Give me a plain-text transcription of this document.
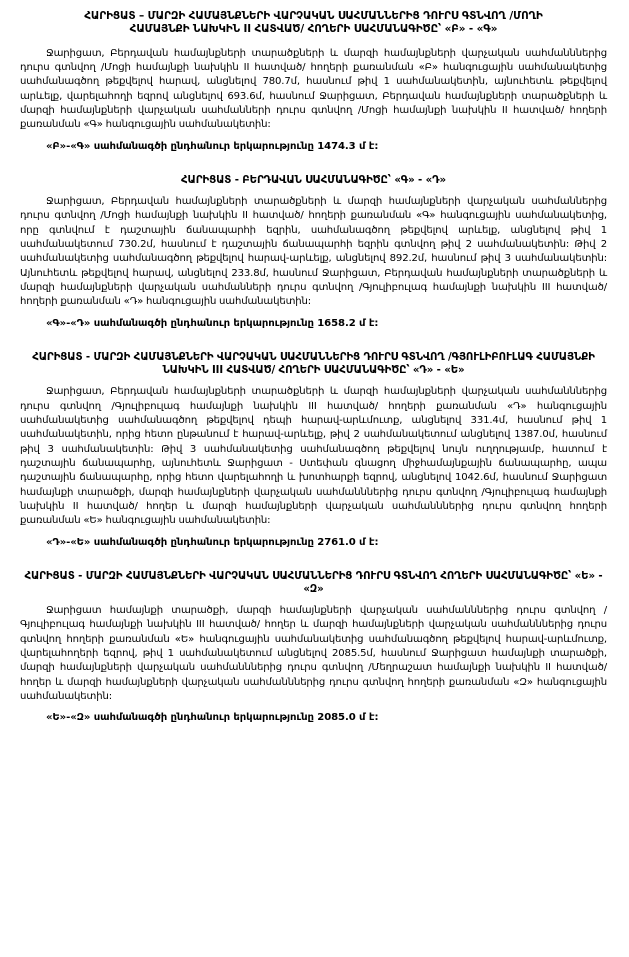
ՀԱՐԻՑԱՏ – ՄԱՐԶԻ ՀԱՄԱՅՆՔՆԵՐԻ ՎԱՐՉԱԿԱՆ ՍԱՀՄԱՆՆԵՐԻՑ ԴՈՒՐՍ ԳՏՆՎՈՂ /ՄՈՂԻ
ՀԱՄԱՅՆՔԻ ՆԱԽԿԻՆ II ՀԱՏՎԱԾ/ ՀՈՂԵՐԻ ՍԱՀՄԱՆԱԳԻԾԸ՝ «Բ» - «Գ»

Ջարիցատ, Բերդավան համայնքների տարածքների և մարզի համայնքների վարչական սահմանններից դուրս գտնվող /Մոցի համայնքի նախկին II հատված/ հողերի քառանման «Բ» հանգուցային սահմանակետից սահմանագծող թեքվելով հարավ, անցնելով 780.7մ, հասնում թիվ 1 սահմանակետին, այնուհետև թեքվելով արևելք, վարելահողի եզրով անցնելով 693.6մ, հասնում Ջարիցատ, Բերդավան համայնքների տարածքների և մարզի համայնքների վարչական սահմանների դուրս գտնվող /Մոցի համայնքի նախկին II հատված/ հողերի քառանման «Գ» հանգուցային սահմանակետին:

«Բ»-«Գ» սահմանագծի ընդհանուր երկարությունը 1474.3 մ է:

ՀԱՐԻՑԱՏ - ԲԵՐԴԱՎԱՆ ՍԱՀՄԱՆԱԳԻԾԸ՝ «Գ» - «Դ»

Ջարիցատ, Բերդավան համայնքների տարածքների և մարզի համայնքների վարչական սահմաններից դուրս գտնվող /Մոցի համայնքի նախկին II հատված/ հողերի քառանման «Գ» հանգուցային սահմանակետից, որը գտնվում է դաշտային ճանապարհի եզրին, սահմանագծող թեքվելով արևելք, անցնելով թիվ 1 սահմանակետում 730.2մ, հասնում է դաշտային ճանապարհի եզրին գտնվող թիվ 2 սահմանակետին: Թիվ 2 սահմանակետից սահմանագծող թեքվելով հարավ-արևելք, անցնելով 892.2մ, հասնում թիվ 3 սահմանակետին: Այնուհետև թեքվելով հարավ, անցնելով 233.8մ, հասնում Ջարիցատ, Բերդավան համայնքների տարածքների և մարզի համայնքների վարչական սահմանների դուրս գտնվող /Գյուլիբուլագ համայնքի նախկին III հատված/ հողերի քառանման «Դ» հանգուցային սահմանակետին:

«Գ»-«Դ» սահմանագծի ընդհանուր երկարությունը 1658.2 մ է:

ՀԱՐԻՑԱՏ - ՄԱՐԶԻ ՀԱՄԱՅՆՔՆԵՐԻ ՎԱՐՉԱԿԱՆ ՍԱՀՄԱՆՆԵՐԻՑ ԴՈՒՐՍ ԳՏՆՎՈՂ /ԳՅՈՒԼԻԲՈՒԼԱԳ ՀԱՄԱՅՆՔԻ ՆԱԽԿԻՆ III ՀԱՏՎԱԾ/ ՀՈՂԵՐԻ ՍԱՀՄԱՆԱԳԻԾԸ՝ «Դ» - «Ե»

Ջարիցատ, Բերդավան համայնքների տարածքների և մարզի համայնքների վարչական սահմանններից դուրս գտնվող /Գյուլիբուլագ համայնքի նախկին III հատված/ հողերի քառանման «Դ» հանգուցային սահմանակետից սահմանագծող թեքվելով դեպի հարավ-արևմուտք, անցնելով 331.4մ, հասնում թիվ 1 սահմանակետին, որից հետո ընթանում է հարավ-արևելք, թիվ 2 սահմանակետում անցնելով 1387.0մ, հասնում թիվ 3 սահմանակետին: Թիվ 3 սահմանակետից սահմանագծող թեքվելով նույն ուղղությամբ, հատում է դաշտային ճանապարհը, այնուհետև Ջարիցատ - Ստեփան գնացող միջհամայնքային ճանապարհը, ապա դաշտային ճանապարհը, որից հետո վարելահողի և խոտհարքի եզրով, անցնելով 1042.6մ, հասնում Ջարիցատ համայնքի տարածքի, մարզի համայնքների վարչական սահմանններից դուրս գտնվող /Գյուլիբուլագ համայնքի նախկին II հատված/ հողեր և մարզի համայնքների վարչական սահմանններից դուրս գտնվող հողերի քառանման «Ե» հանգուցային սահմանակետին:

«Դ»-«Ե» սահմանագծի ընդհանուր երկարությունը 2761.0 մ է:

ՀԱՐԻՑԱՏ - ՄԱՐԶԻ ՀԱՄԱՅՆՔՆԵՐԻ ՎԱՐՉԱԿԱՆ ՍԱՀՄԱՆՆԵՐԻՑ ԴՈՒՐՍ ԳՏՆՎՈՂ ՀՈՂԵՐԻ ՍԱՀՄԱՆԱԳԻԾԸ՝ «Ե» - «Զ»

Ջարիցատ համայնքի տարածքի, մարզի համայնքների վարչական սահմանններից դուրս գտնվող /Գյուլիբուլագ համայնքի նախկին III հատված/ հողեր և մարզի համայնքների վարչական սահմանններից դուրս գտնվող հողերի քառանման «Ե» հանգուցային սահմանակետից սահմանագծող թեքվելով հարավ-արևմուտք, վարելահողերի եզրով, թիվ 1 սահմանակետում անցնելով 2085.5մ, հասնում Ջարիցատ համայնքի տարածքի, մարզի համայնքների վարչական սահմանններից դուրս գտնվող /Մեղրաշատ համայնքի նախկին II հատված/ հողեր և մարզի համայնքների վարչական սահմանններից դուրս գտնվող հողերի քառանման «Զ» հանգուցային սահմանակետին:

«Ե»-«Զ» սահմանագծի ընդհանուր երկարությունը 2085.0 մ է:
